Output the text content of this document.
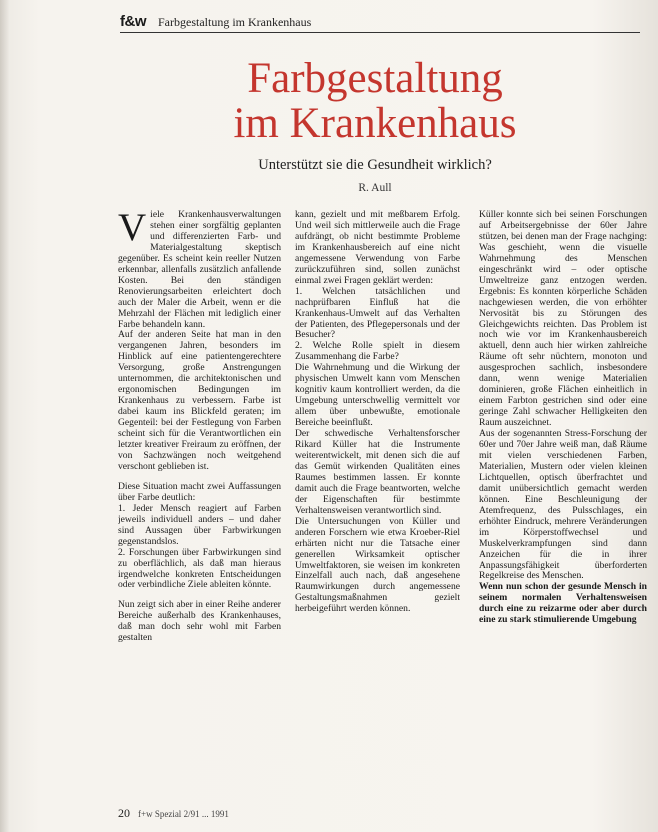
f&w Farbgestaltung im Krankenhaus
Farbgestaltung
im Krankenhaus
Unterstützt sie die Gesundheit wirklich?
R. Aull

Viele Krankenhausverwaltungen stehen einer sorgfältig geplanten und differenzierten Farb- und Materialgestaltung skeptisch gegenüber. Es scheint kein reeller Nutzen erkennbar, allenfalls zusätzlich anfallende Kosten. Bei den ständigen Renovierungsarbeiten erleichtert doch auch der Maler die Arbeit, wenn er die Mehrzahl der Flächen mit lediglich einer Farbe behandeln kann.

Auf der anderen Seite hat man in den vergangenen Jahren, besonders im Hinblick auf eine patientengerechtere Versorgung, große Anstrengungen unternommen, die architektonischen und ergonomischen Bedingungen im Krankenhaus zu verbessern. Farbe ist dabei kaum ins Blickfeld geraten; im Gegenteil: bei der Festlegung von Farben scheint sich für die Verantwortlichen ein letzter kreativer Freiraum zu eröffnen, der von Sachzwängen noch weitgehend verschont geblieben ist.

Diese Situation macht zwei Auffassungen über Farbe deutlich:

1. Jeder Mensch reagiert auf Farben jeweils individuell anders – und daher sind Aussagen über Farbwirkungen gegenstandslos.

2. Forschungen über Farbwirkungen sind zu oberflächlich, als daß man hieraus irgendwelche konkreten Entscheidungen oder verbindliche Ziele ableiten könnte.

Nun zeigt sich aber in einer Reihe anderer Bereiche außerhalb des Krankenhauses, daß man doch sehr wohl mit Farben gestalten

kann, gezielt und mit meßbarem Erfolg. Und weil sich mittlerweile auch die Frage aufdrängt, ob nicht bestimmte Probleme im Krankenhausbereich auf eine nicht angemessene Verwendung von Farbe zurückzuführen sind, sollen zunächst einmal zwei Fragen geklärt werden:

1. Welchen tatsächlichen und nachprüfbaren Einfluß hat die Krankenhaus-Umwelt auf das Verhalten der Patienten, des Pflegepersonals und der Besucher?

2. Welche Rolle spielt in diesem Zusammenhang die Farbe?

Die Wahrnehmung und die Wirkung der physischen Umwelt kann vom Menschen kognitiv kaum kontrolliert werden, da die Umgebung unterschwellig vermittelt vor allem über unbewußte, emotionale Bereiche beeinflußt.

Der schwedische Verhaltensforscher Rikard Küller hat die Instrumente weiterentwickelt, mit denen sich die auf das Gemüt wirkenden Qualitäten eines Raumes bestimmen lassen. Er konnte damit auch die Frage beantworten, welche der Eigenschaften für bestimmte Verhaltensweisen verantwortlich sind.

Die Untersuchungen von Küller und anderen Forschern wie etwa Kroeber-Riel erhärten nicht nur die Tatsache einer generellen Wirksamkeit optischer Umweltfaktoren, sie weisen im konkreten Einzelfall auch nach, daß angesehene Raumwirkungen durch angemessene Gestaltungsmaßnahmen gezielt herbeigeführt werden können.

Küller konnte sich bei seinen Forschungen auf Arbeitsergebnisse der 60er Jahre stützen, bei denen man der Frage nachging: Was geschieht, wenn die visuelle Wahrnehmung des Menschen eingeschränkt wird – oder optische Umweltreize ganz entzogen werden. Ergebnis: Es konnten körperliche Schäden nachgewiesen werden, die von erhöhter Nervosität bis zu Störungen des Gleichgewichts reichten. Das Problem ist noch wie vor im Krankenhausbereich aktuell, denn auch hier wirken zahlreiche Räume oft sehr nüchtern, monoton und ausgesprochen sachlich, insbesondere dann, wenn wenige Materialien dominieren, große Flächen einheitlich in einem Farbton gestrichen sind oder eine geringe Zahl schwacher Helligkeiten den Raum auszeichnet.

Aus der sogenannten Stress-Forschung der 60er und 70er Jahre weiß man, daß Räume mit vielen verschiedenen Farben, Materialien, Mustern oder vielen kleinen Lichtquellen, optisch überfrachtet und damit unübersichtlich gemacht werden können. Eine Beschleunigung der Atemfrequenz, des Pulsschlages, ein erhöhter Eindruck, mehrere Veränderungen im Körperstoffwechsel und Muskelverkrampfungen sind dann Anzeichen für die in ihrer Anpassungsfähigkeit überforderten Regelkreise des Menschen.

Wenn nun schon der gesunde Mensch in seinem normalen Verhaltensweisen durch eine zu reizarme oder aber durch eine zu stark stimulierende Umgebung

20 f+w Spezial 2/91 ... 1991
